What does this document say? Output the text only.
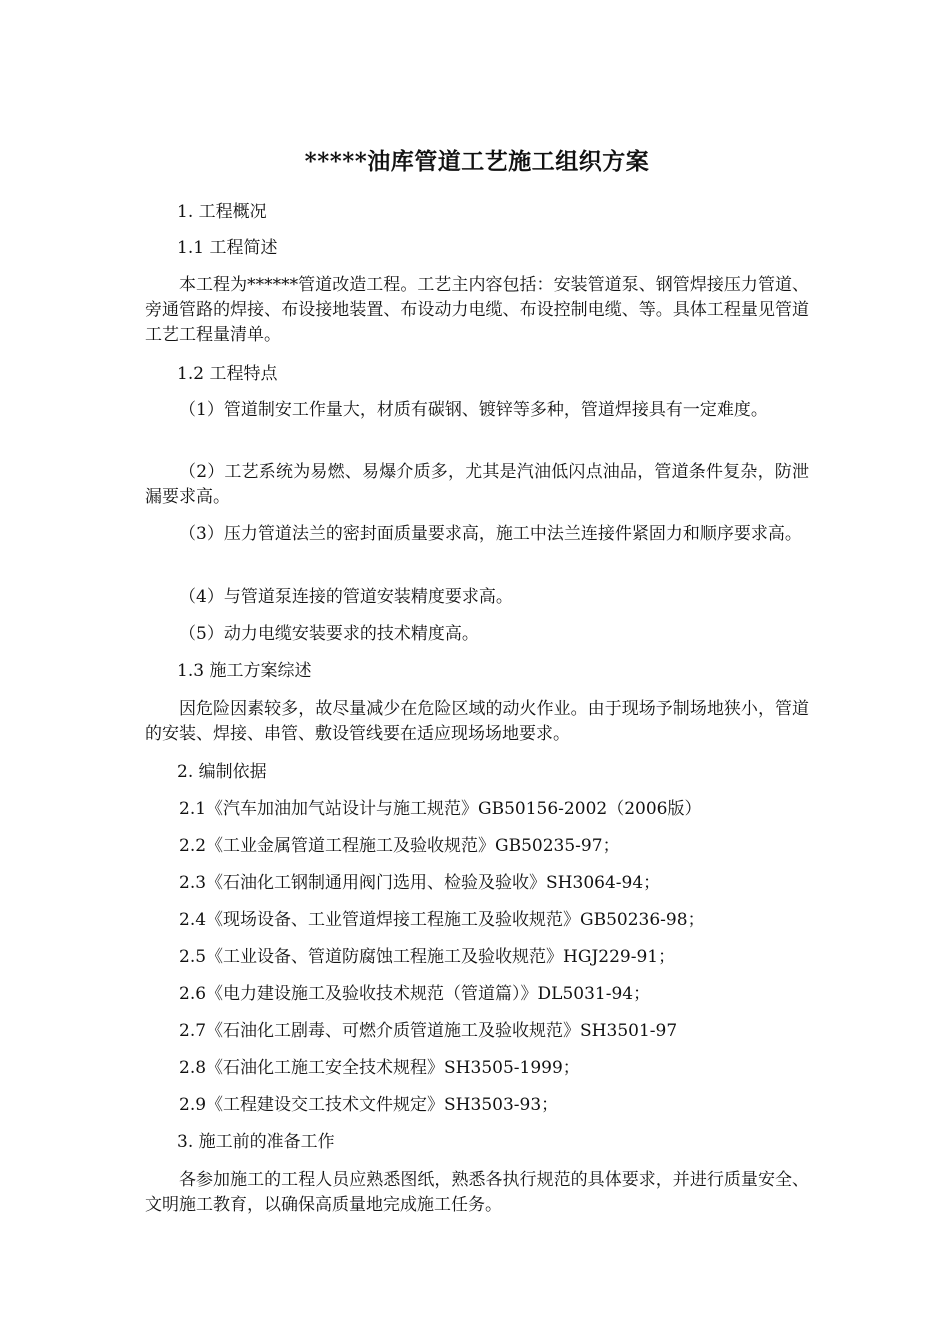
*****油库管道工艺施工组织方案
1. 工程概况
1.1 工程简述
本工程为******管道改造工程。工艺主内容包括：安装管道泵、钢管焊接压力管道、旁通管路的焊接、布设接地装置、布设动力电缆、布设控制电缆、等。具体工程量见管道工艺工程量清单。
1.2 工程特点
（1）管道制安工作量大，材质有碳钢、镀锌等多种，管道焊接具有一定难度。
（2）工艺系统为易燃、易爆介质多，尤其是汽油低闪点油品，管道条件复杂，防泄漏要求高。
（3）压力管道法兰的密封面质量要求高，施工中法兰连接件紧固力和顺序要求高。
（4）与管道泵连接的管道安装精度要求高。
（5）动力电缆安装要求的技术精度高。
1.3 施工方案综述
因危险因素较多，故尽量减少在危险区域的动火作业。由于现场予制场地狭小，管道的安装、焊接、串管、敷设管线要在适应现场场地要求。
2. 编制依据
2.1《汽车加油加气站设计与施工规范》GB50156-2002（2006版）
2.2《工业金属管道工程施工及验收规范》GB50235-97；
2.3《石油化工钢制通用阀门选用、检验及验收》SH3064-94；
2.4《现场设备、工业管道焊接工程施工及验收规范》GB50236-98；
2.5《工业设备、管道防腐蚀工程施工及验收规范》HGJ229-91；
2.6《电力建设施工及验收技术规范（管道篇）》DL5031-94；
2.7《石油化工剧毒、可燃介质管道施工及验收规范》SH3501-97
2.8《石油化工施工安全技术规程》SH3505-1999；
2.9《工程建设交工技术文件规定》SH3503-93；
3. 施工前的准备工作
各参加施工的工程人员应熟悉图纸，熟悉各执行规范的具体要求，并进行质量安全、文明施工教育，以确保高质量地完成施工任务。
